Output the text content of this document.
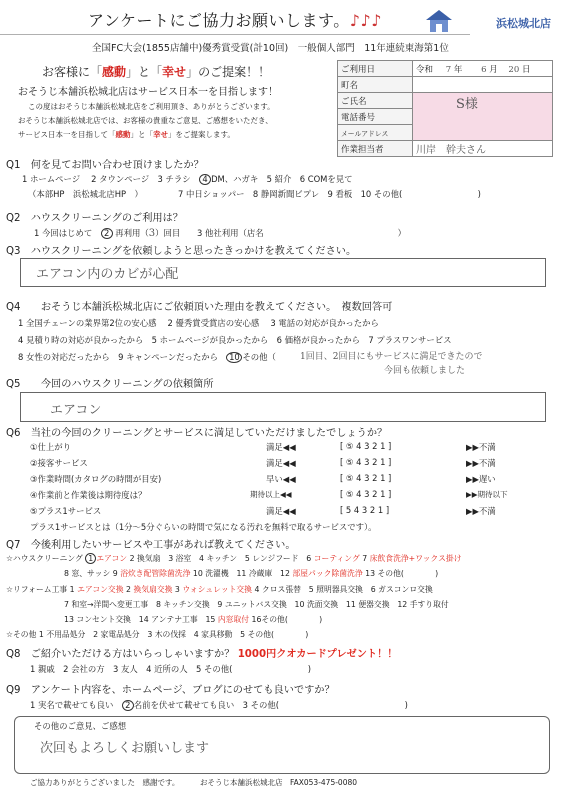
アンケートにご協力お願いします。♪♪♪	浜松城北店
全国FC大会(1855店舗中)優秀賞受賞(計10回)　一般個人部門　11年連続東海第1位
お客様に「感動」と「幸せ」のご提案！！
おそうじ本舗浜松城北店はサービス日本一を目指します！
この度はおそうじ本舗浜松城北店をご利用頂き、ありがとうございます。
おそうじ本舗浜松城北店では、お客様の貴重なご意見、ご感想をいただき、
サービス日本一を目指して「感動」と「幸せ」をご提案します。
ご利用日	令和 7 年 6 月 20 日
町名	
ご氏名	S様
電話番号	
メールアドレス	
作業担当者	川岸　幹夫さん
Q1　何を見てお問い合わせ頂けましたか？
1 ホームページ　 2 タウンページ　3 チラシ　4 DM、ハガキ　5 紹介　6 COMを見て
（本部HP　浜松城北店HP　）	7 中日ショッパー　8 静岡新聞ビプレ　9 看板　10 その他(　　　　　　　　　)
Q2　ハウスクリーニングのご利用は？
1 今回はじめて　2 再利用（3）回目　　3 他社利用（店名　　　　　　　　　　　　　　　　）
Q3　ハウスクリーニングを依頼しようと思ったきっかけを教えてください。
エアコン内のカビが心配
Q4　　おそうじ本舗浜松城北店にご依頼頂いた理由を教えてください。　複数回答可
1 全国チェーンの業界第2位の安心感　 2 優秀賞受賞店の安心感　 3 電話の対応が良かったから
4 見積り時の対応が良かったから　5 ホームページが良かったから　6 価格が良かったから　7 プラスワンサービス
8 女性の対応だったから　9 キャンペーンだったから　10 その他（	1回目、2回目にもサービスに満足できたので
今回も依頼しました
Q5　　今回のハウスクリーニングの依頼箇所
エアコン
Q6　当社の今回のクリーニングとサービスに満足していただけましたでしょうか？
①仕上がり	満足◀◀	[ ⑤ 4 3 2 1 ]	▶▶不満
②接客サービス	満足◀◀	[ ⑤ 4 3 2 1 ]	▶▶不満
③作業時間(カタログの時間が目安)	早い◀◀	[ ⑤ 4 3 2 1 ]	▶▶遅い
④作業前と作業後は期待度は？	期待以上◀◀	[ ⑤ 4 3 2 1 ]	▶▶期待以下
⑤プラス1サービス	満足◀◀	[ 5 4 3 2 1 ]	▶▶不満
プラス1サービスとは（1分～5分ぐらいの時間で気になる汚れを無料で取るサービスです）。
Q7　今後利用したいサービスや工事があれば教えてください。
☆ハウスクリーニング 1 エアコン 2 換気扇　3 浴室　4 キッチン　5 レンジフード　6 コーティング 7 床飲食洗浄+ワックス掛け
8 窓、サッシ 9 浴炊き配管除菌洗浄 10 洗濯機　11 冷蔵庫　12 部屋パック除菌洗浄 13 その他(　　　　)
☆リフォーム工事 1 エアコン交換 2 換気扇交換 3 ウォシュレット交換 4 クロス張替　5 照明器具交換　6 ガスコンロ交換
7 和室→洋間へ変更工事　8 キッチン交換　9 ユニットバス交換　10 洗面交換　11 便器交換　12 手すり取付
13 コンセント交換　14 アンテナ工事　15 内窓取付 16その他(　　　　)
☆その他 1 不用品処分　2 家電品処分　3 木の伐採　4 家具移動　5 その他(　　　　)
Q8　ご紹介いただける方はいらっしゃいますか？ 1000円クオカードプレゼント！！
1 親戚　2 会社の方　3 友人　4 近所の人　5 その他(　　　　　　　　　)
Q9　アンケート内容を、ホームページ、ブログにのせても良いですか？
1 実名で載せても良い　2 名前を伏せて載せても良い　3 その他(　　　　　　　　　　　　　　　)
その他のご意見、ご感想
次回もよろしくお願いします
ご協力ありがとうございました　感謝です。	おそうじ本舗浜松城北店　FAX053-475-0080
